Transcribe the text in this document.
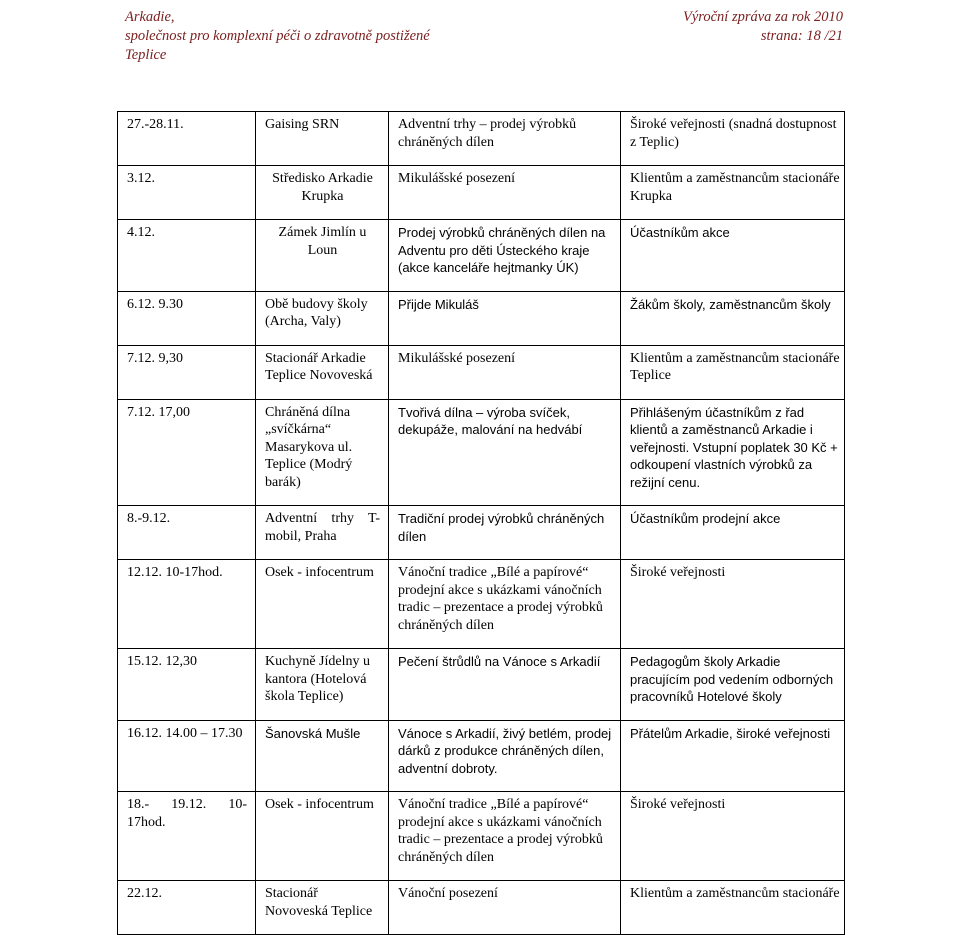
Arkadie,	Výroční zpráva za rok 2010
společnost pro komplexní péči o zdravotně postižené	strana: 18 /21
Teplice
27.-28.11.	Gaising SRN	Adventní trhy – prodej výrobků chráněných dílen	Široké veřejnosti (snadná dostupnost z Teplic)
3.12.	Středisko Arkadie Krupka	Mikulášské posezení	Klientům a zaměstnancům stacionáře Krupka
4.12.	Zámek Jimlín u Loun	Prodej výrobků chráněných dílen na Adventu pro děti Ústeckého kraje (akce kanceláře hejtmanky ÚK)	Účastníkům akce
6.12. 9.30	Obě budovy školy (Archa, Valy)	Přijde Mikuláš	Žákům školy, zaměstnancům školy
7.12. 9,30	Stacionář Arkadie Teplice Novoveská	Mikulášské posezení	Klientům a zaměstnancům stacionáře Teplice
7.12. 17,00	Chráněná dílna „svíčkárna“ Masarykova ul. Teplice (Modrý barák)	Tvořivá dílna – výroba svíček, dekupáže, malování na hedvábí	Přihlášeným účastníkům z řad klientů a zaměstnanců Arkadie i veřejnosti. Vstupní poplatek 30 Kč + odkoupení vlastních výrobků za režijní cenu.
8.-9.12.	Adventní trhy T-mobil, Praha	Tradiční prodej výrobků chráněných dílen	Účastníkům prodejní akce
12.12. 10-17hod.	Osek - infocentrum	Vánoční tradice „Bílé a papírové“ prodejní akce s ukázkami vánočních tradic – prezentace a prodej výrobků chráněných dílen	Široké veřejnosti
15.12. 12,30	Kuchyně Jídelny u kantora (Hotelová škola Teplice)	Pečení štrůdlů na Vánoce s Arkadií	Pedagogům školy Arkadie pracujícím pod vedením odborných pracovníků Hotelové školy
16.12. 14.00 – 17.30	Šanovská Mušle	Vánoce s Arkadií, živý betlém, prodej dárků z produkce chráněných dílen, adventní dobroty.	Přátelům Arkadie, široké veřejnosti
18.- 19.12. 10-17hod.	Osek - infocentrum	Vánoční tradice „Bílé a papírové“ prodejní akce s ukázkami vánočních tradic – prezentace a prodej výrobků chráněných dílen	Široké veřejnosti
22.12.	Stacionář Novoveská Teplice	Vánoční posezení	Klientům a zaměstnancům stacionáře
